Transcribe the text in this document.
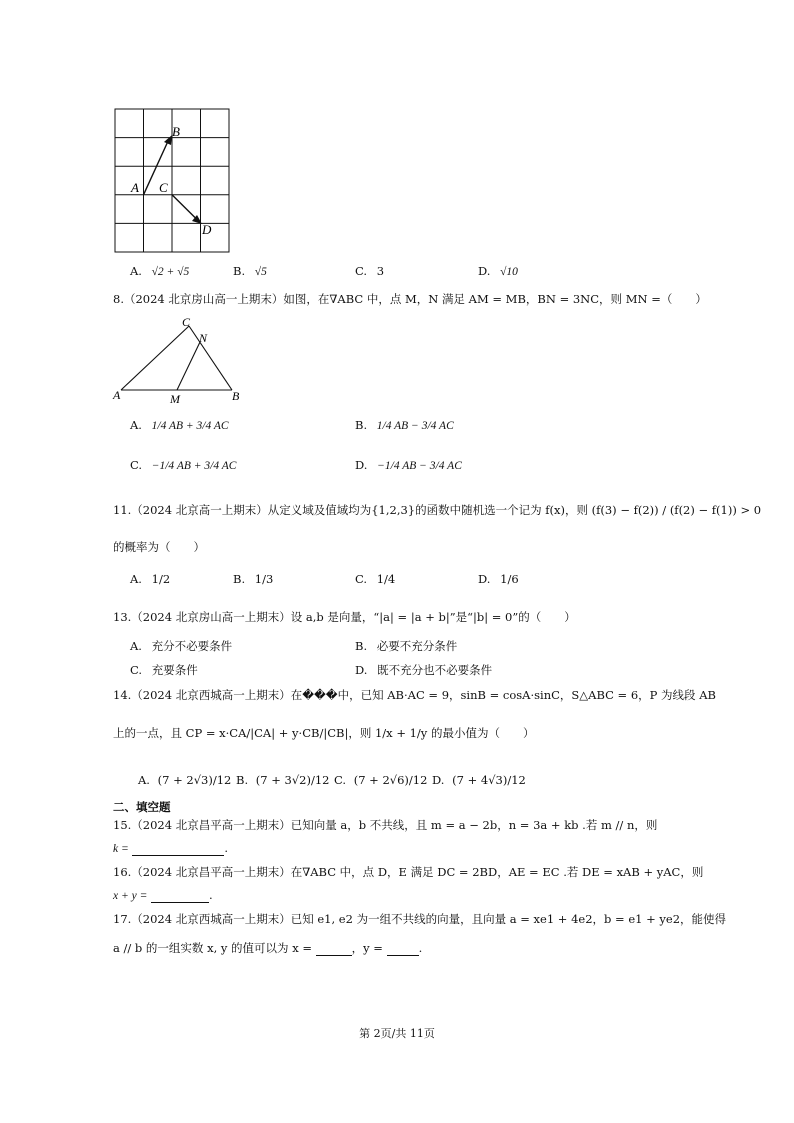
B
A C
D
A. √2 + √5	B. √5	C. 3	D. √10
8.（2024 北京房山高一上期末）如图，在∇ABC 中，点 M，N 满足 AM = MB，BN = 3NC，则 MN =（　　）
C
N
A	B
M
A. 1/4 AB + 3/4 AC	B. 1/4 AB − 3/4 AC
C. −1/4 AB + 3/4 AC	D. −1/4 AB − 3/4 AC
11.（2024 北京高一上期末）从定义域及值域均为{1,2,3}的函数中随机选一个记为 f(x)，则 (f(3) − f(2)) / (f(2) − f(1)) > 0
的概率为（　　）
A. 1/2	B. 1/3	C. 1/4	D. 1/6
13.（2024 北京房山高一上期末）设 a,b 是向量，“|a| = |a + b|”是“|b| = 0”的（　　）
A. 充分不必要条件	B. 必要不充分条件
C. 充要条件	D. 既不充分也不必要条件
14.（2024 北京西城高一上期末）在���中，已知 AB·AC = 9，sinB = cosA·sinC，S△ABC = 6，P 为线段 AB
上的一点，且 CP = x·CA/|CA| + y·CB/|CB|，则 1/x + 1/y 的最小值为（　　）
A. (7 + 2√3)/12 B. (7 + 3√2)/12 C. (7 + 2√6)/12 D. (7 + 4√3)/12
二、填空题
15.（2024 北京昌平高一上期末）已知向量 a，b 不共线，且 m = a − 2b，n = 3a + kb .若 m // n，则
k =	.
16.（2024 北京昌平高一上期末）在∇ABC 中，点 D，E 满足 DC = 2BD，AE = EC .若 DE = xAB + yAC，则
x + y =	.
17.（2024 北京西城高一上期末）已知 e1, e2 为一组不共线的向量，且向量 a = xe1 + 4e2，b = e1 + ye2，能使得
a // b 的一组实数 x, y 的值可以为 x =	，y =	.
第 2页/共 11页
